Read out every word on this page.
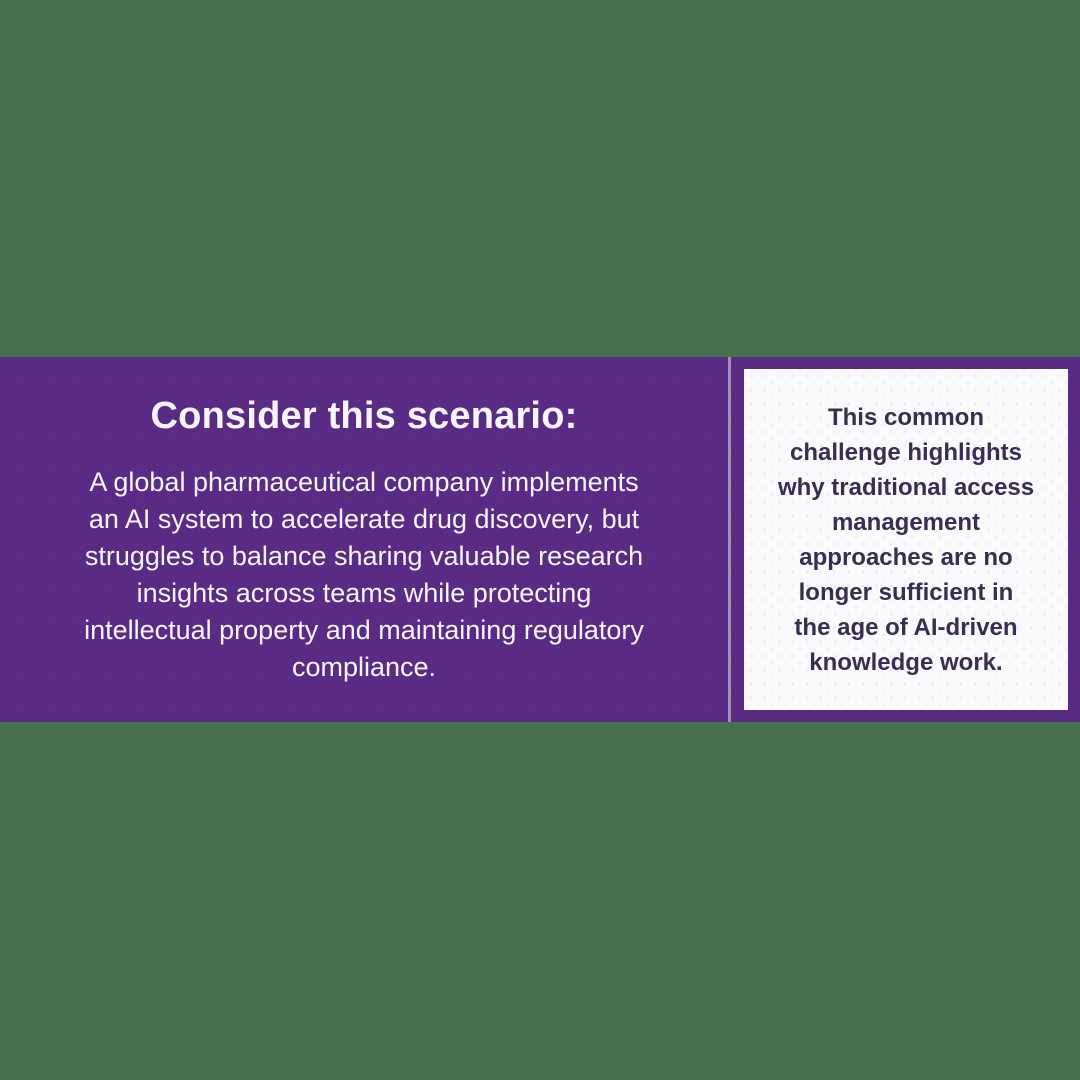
Consider this scenario:
A global pharmaceutical company implements
an AI system to accelerate drug discovery, but
struggles to balance sharing valuable research
insights across teams while protecting
intellectual property and maintaining regulatory
compliance.
This common
challenge highlights
why traditional access
management
approaches are no
longer sufficient in
the age of AI-driven
knowledge work.
